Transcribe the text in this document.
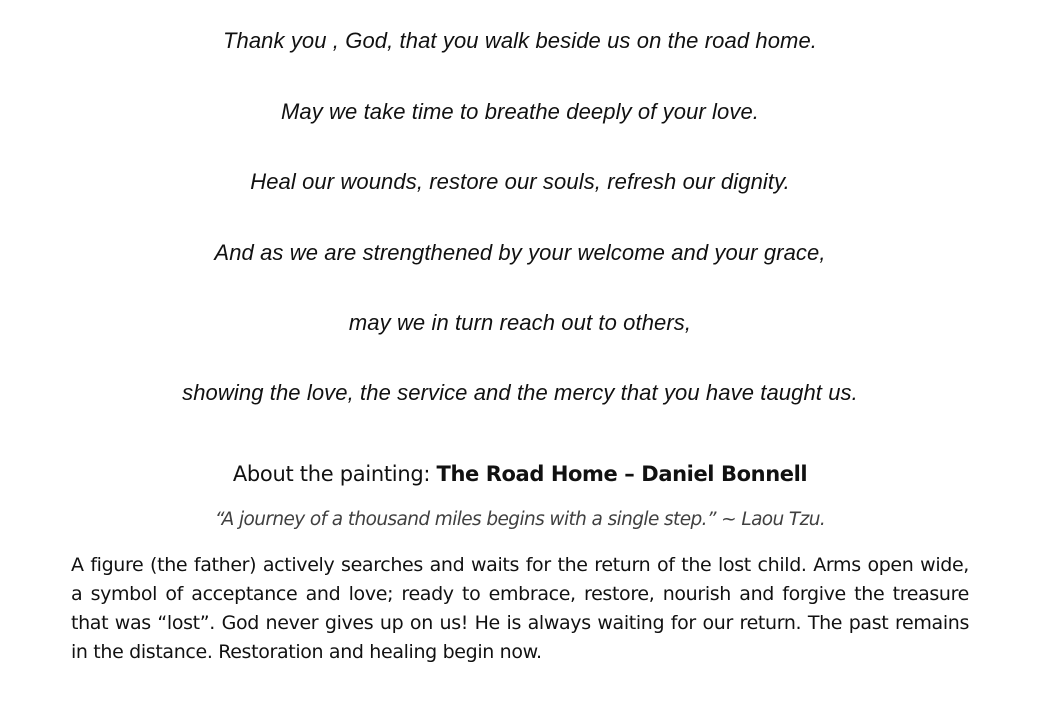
Thank you , God, that you walk beside us on the road home.
May we take time to breathe deeply of your love.
Heal our wounds, restore our souls, refresh our dignity.
And as we are strengthened by your welcome and your grace,
may we in turn reach out to others,
showing the love, the service and the mercy that you have taught us.
About the painting: The Road Home – Daniel Bonnell
“A journey of a thousand miles begins with a single step.” ~ Laou Tzu.
A figure (the father) actively searches and waits for the return of the lost child. Arms open wide, a symbol of acceptance and love; ready to embrace, restore, nourish and forgive the treasure that was “lost”. God never gives up on us! He is always waiting for our return. The past remains in the distance. Restoration and healing begin now.
